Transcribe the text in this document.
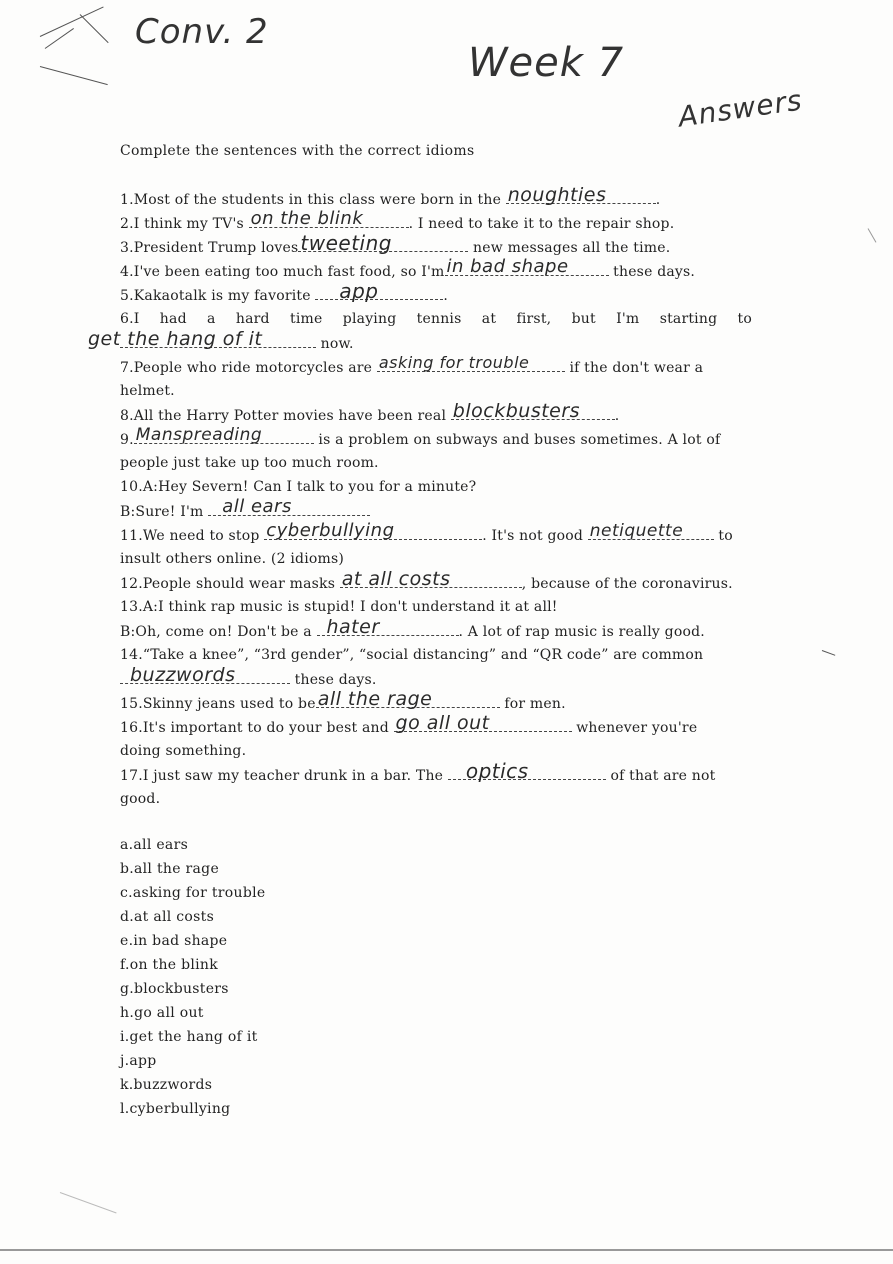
Conv. 2
Week 7
Answers
Complete the sentences with the correct idioms
1.Most of the students in this class were born in the noughties	.
2.I think my TV's on the blink	. I need to take it to the repair shop.
3.President Trump loves tweeting	new messages all the time.
4.I've been eating too much fast food, so I'm in bad shape	these days.
5.Kakaotalk is my favorite app	.
6.I had a hard time playing tennis at first, but I'm starting to
get the hang of it	now.
7.People who ride motorcycles are asking for trouble	if the don't wear a
helmet.
8.All the Harry Potter movies have been real blockbusters .
9. Manspreading	is a problem on subways and buses sometimes. A lot of
people just take up too much room.
10.A:Hey Severn! Can I talk to you for a minute?
B:Sure! I'm all ears
11.We need to stop cyberbullying	. It's not good netiquette	to
insult others online. (2 idioms)
12.People should wear masks at all costs	, because of the coronavirus.
13.A:I think rap music is stupid! I don't understand it at all!
B:Oh, come on! Don't be a hater	. A lot of rap music is really good.
14.“Take a knee”, “3rd gender”, “social distancing” and “QR code” are common
buzzwords	these days.
15.Skinny jeans used to be all the rage	for men.
16.It's important to do your best and go all out	whenever you're
doing something.
17.I just saw my teacher drunk in a bar. The optics	of that are not
good.
a.all ears
b.all the rage
c.asking for trouble
d.at all costs
e.in bad shape
f.on the blink
g.blockbusters
h.go all out
i.get the hang of it
j.app
k.buzzwords
l.cyberbullying
